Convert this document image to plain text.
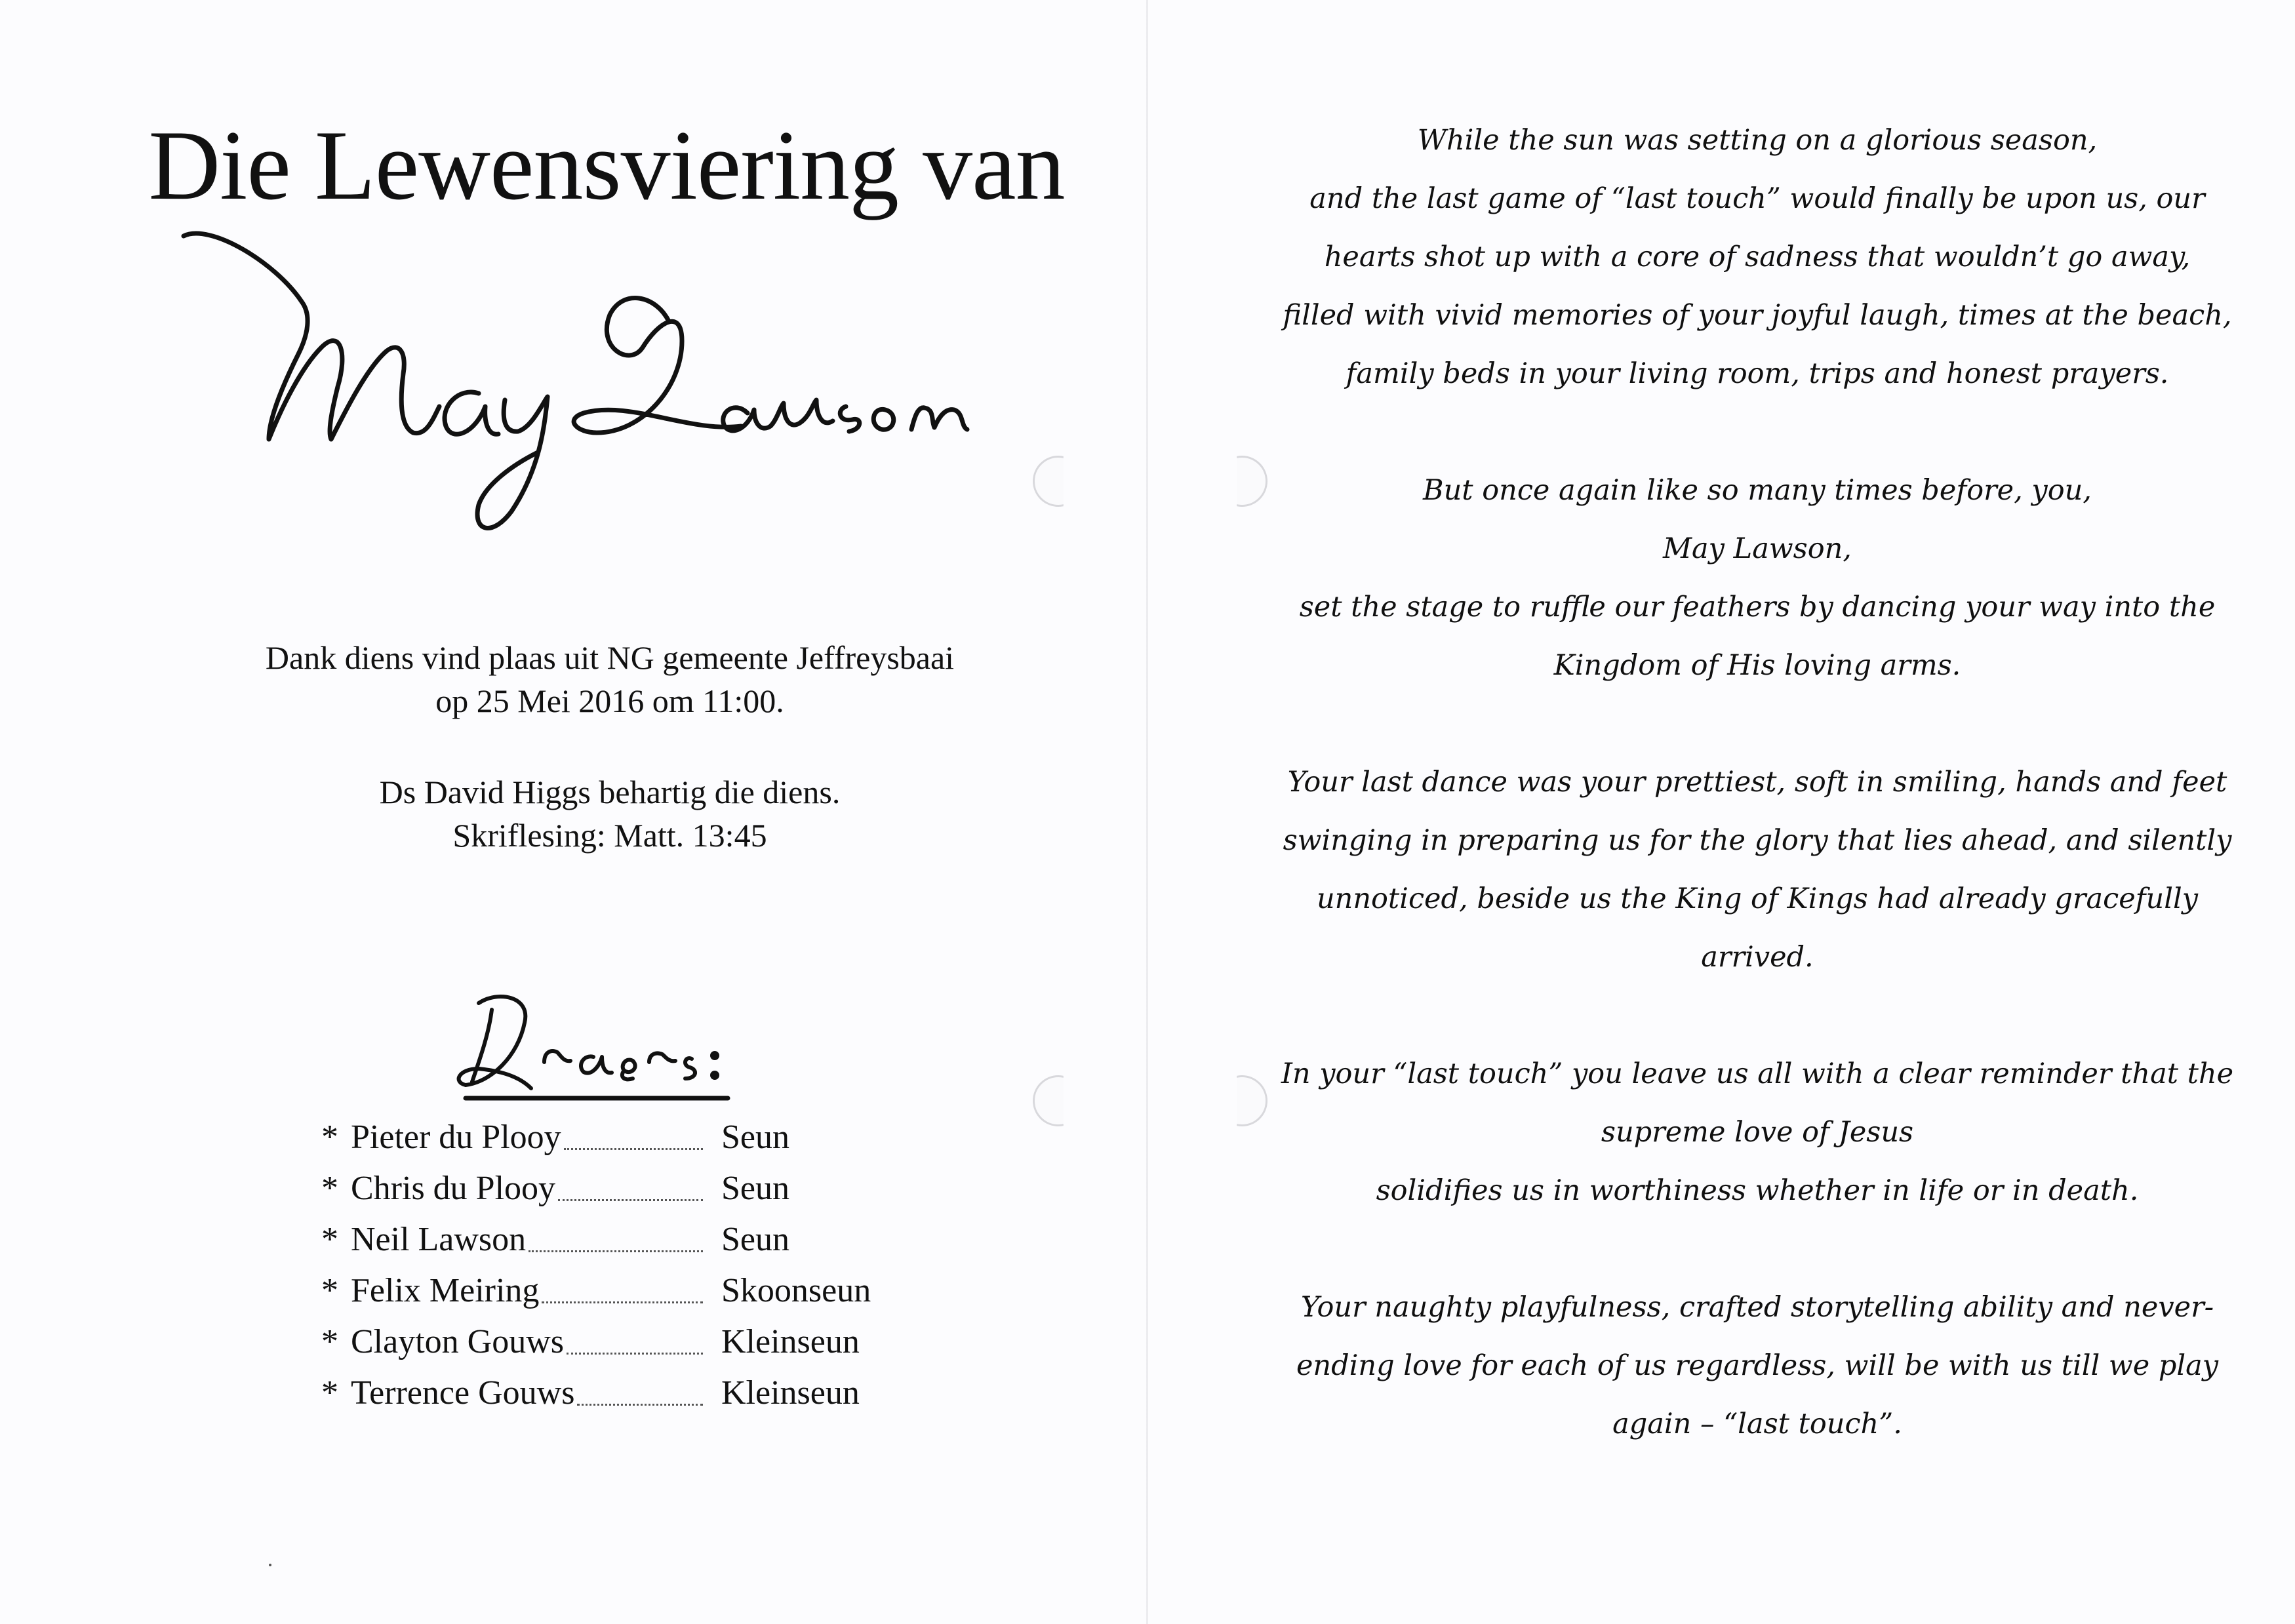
Die Lewensviering van
Dank diens vind plaas uit NG gemeente Jeffreysbaai
op 25 Mei 2016 om 11:00.
Ds David Higgs behartig die diens.
Skriflesing: Matt. 13:45
* Pieter du Plooy	Seun
* Chris du Plooy	Seun
* Neil Lawson	Seun
* Felix Meiring	Skoonseun
* Clayton Gouws	Kleinseun
* Terrence Gouws	Kleinseun

While the sun was setting on a glorious season,

and the last game of “last touch” would finally be upon us, our

hearts shot up with a core of sadness that wouldn’t go away,

filled with vivid memories of your joyful laugh, times at the beach,

family beds in your living room, trips and honest prayers.

But once again like so many times before, you,

May Lawson,

set the stage to ruffle our feathers by dancing your way into the

Kingdom of His loving arms.

Your last dance was your prettiest, soft in smiling, hands and feet

swinging in preparing us for the glory that lies ahead, and silently

unnoticed, beside us the King of Kings had already gracefully

arrived.

In your “last touch” you leave us all with a clear reminder that the

supreme love of Jesus

solidifies us in worthiness whether in life or in death.

Your naughty playfulness, crafted storytelling ability and never-

ending love for each of us regardless, will be with us till we play

again – “last touch”.
